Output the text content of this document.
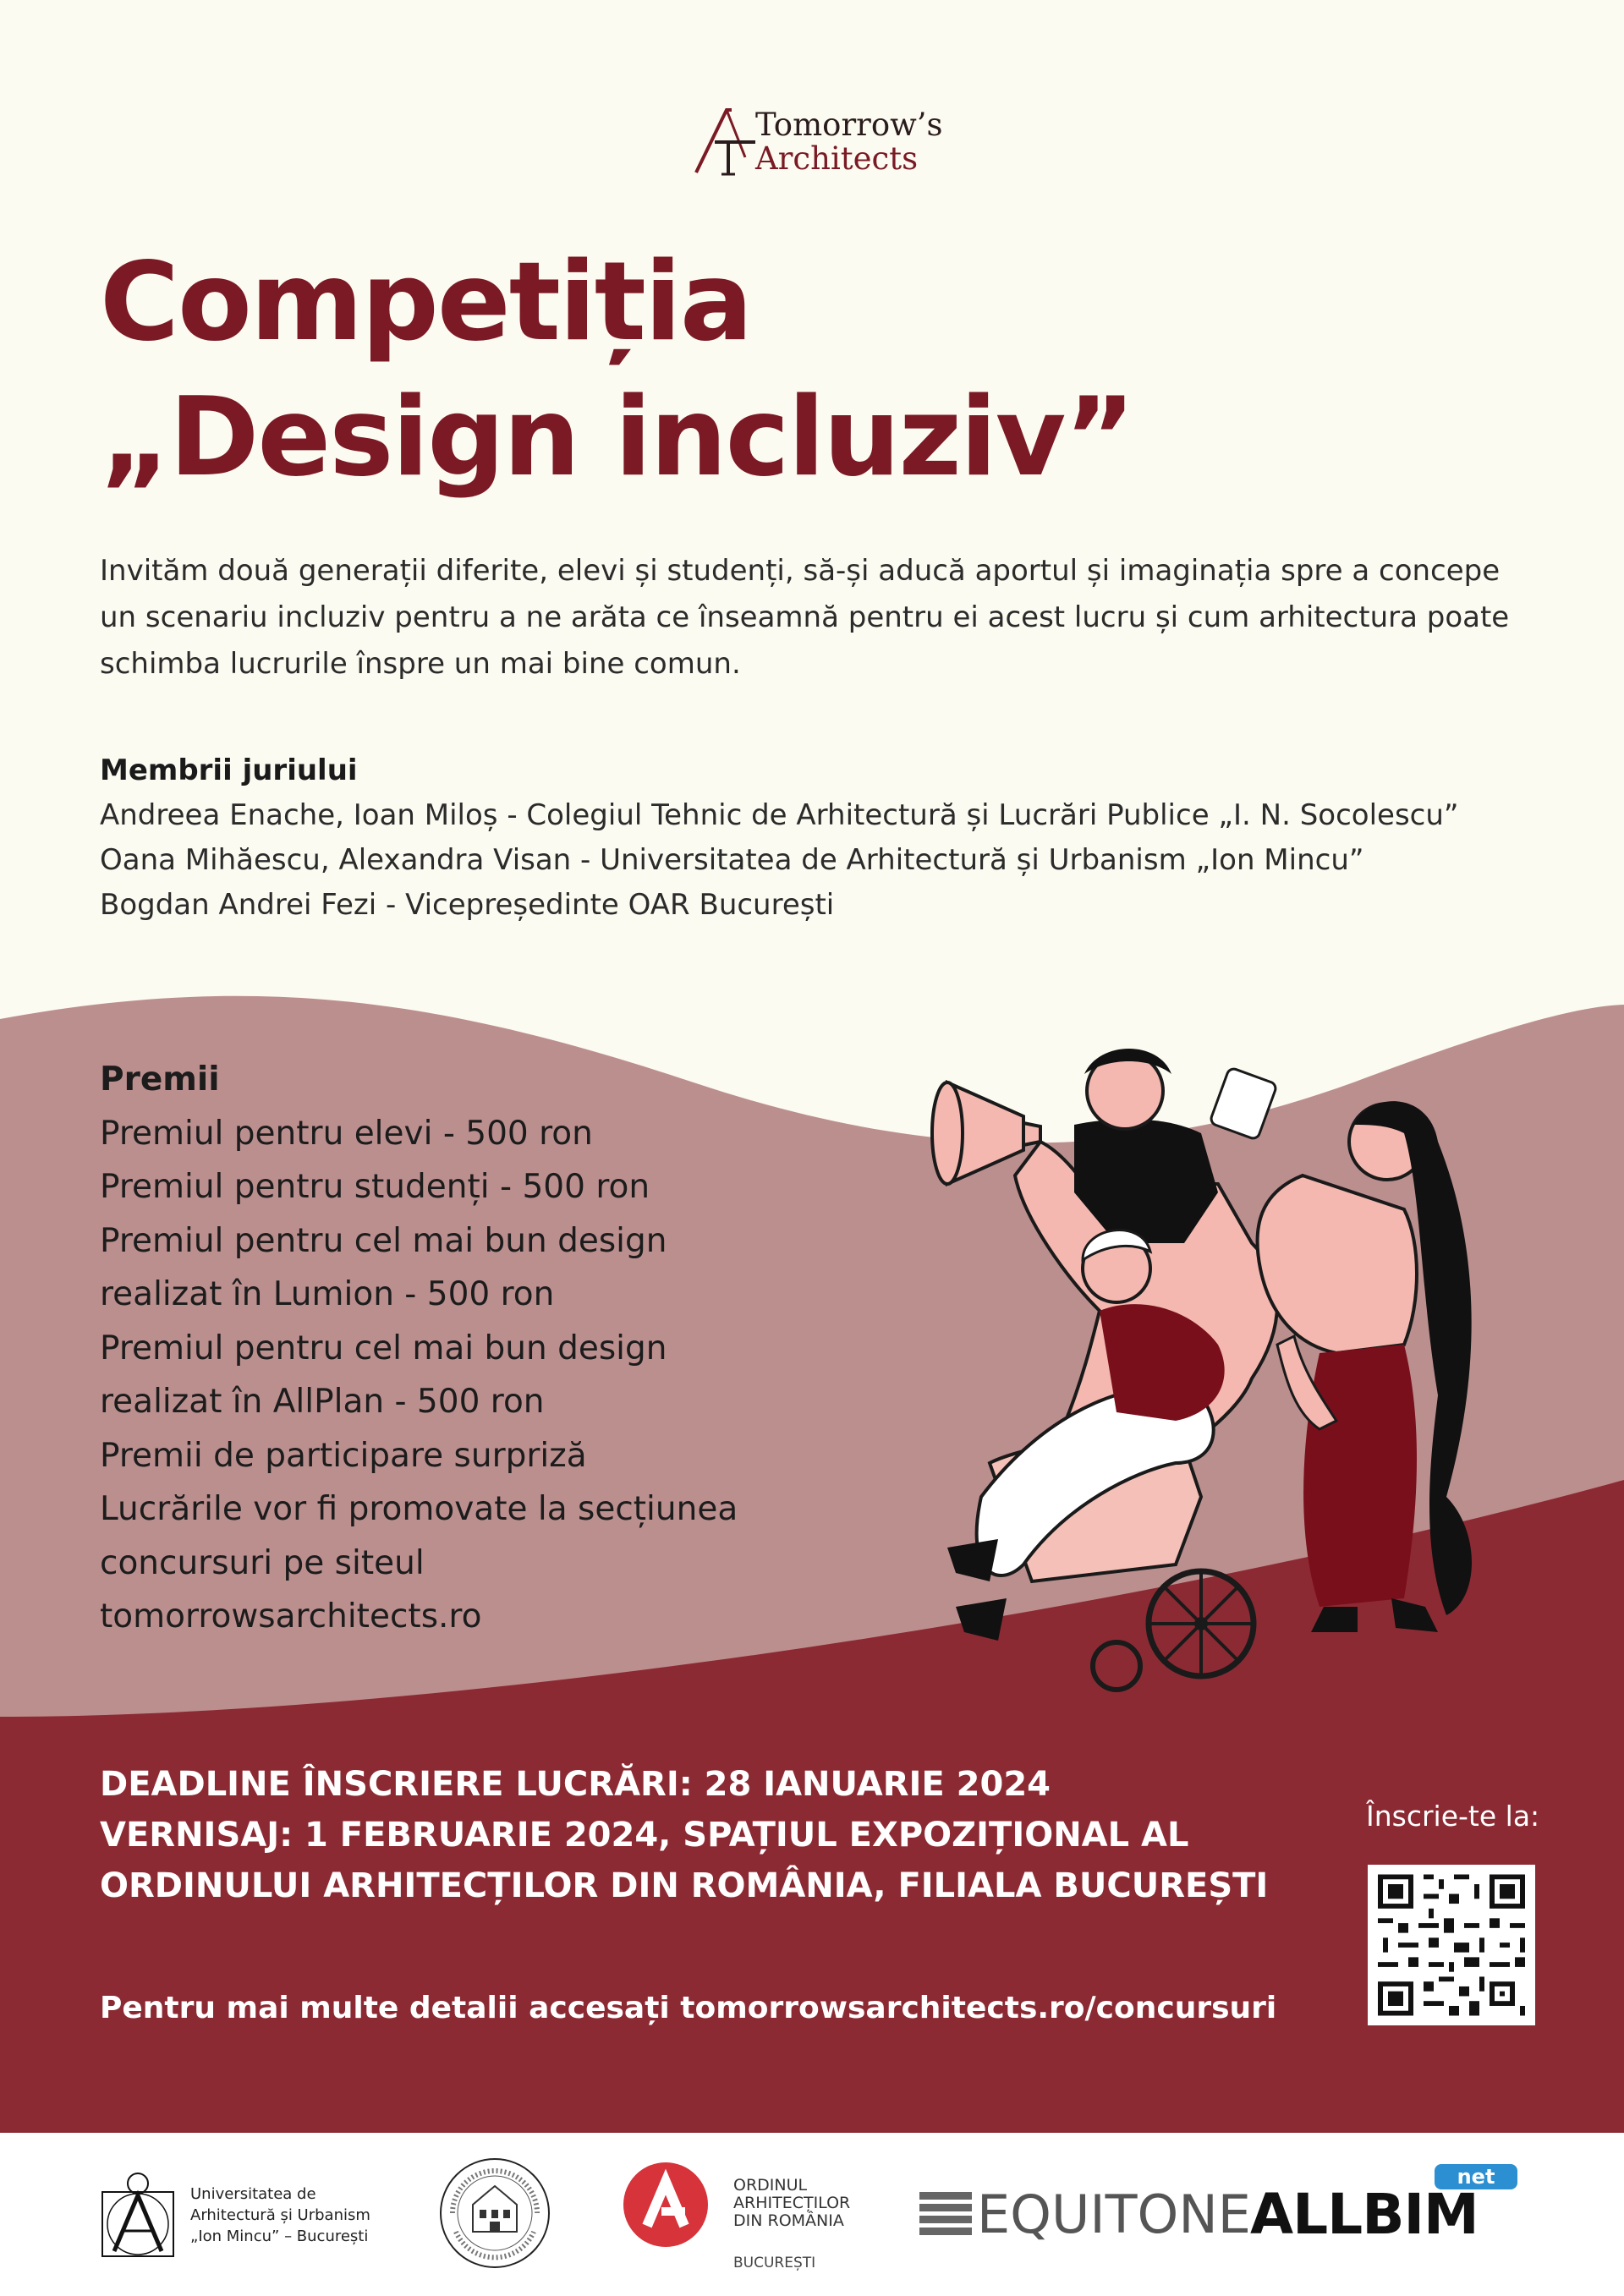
Tomorrow’s
Architects
Competiția
„Design incluziv”
Invităm două generații diferite, elevi și studenți, să-și aducă aportul și imaginația spre a concepe un scenariu incluziv pentru a ne arăta ce înseamnă pentru ei acest lucru și cum arhitectura poate schimba lucrurile înspre un mai bine comun.
Membrii juriului
Andreea Enache, Ioan Miloș - Colegiul Tehnic de Arhitectură și Lucrări Publice „I. N. Socolescu”
Oana Mihăescu, Alexandra Visan - Universitatea de Arhitectură și Urbanism „Ion Mincu”
Bogdan Andrei Fezi - Vicepreședinte OAR București
Premii
Premiul pentru elevi - 500 ron
Premiul pentru studenți - 500 ron
Premiul pentru cel mai bun design
realizat în Lumion - 500 ron
Premiul pentru cel mai bun design
realizat în AllPlan - 500 ron
Premii de participare surpriză
Lucrările vor fi promovate la secțiunea
concursuri pe siteul
tomorrowsarchitects.ro
DEADLINE ÎNSCRIERE LUCRĂRI: 28 IANUARIE 2024
VERNISAJ: 1 FEBRUARIE 2024, SPAȚIUL EXPOZIȚIONAL AL
ORDINULUI ARHITECȚILOR DIN ROMÂNIA, FILIALA BUCUREȘTI
Pentru mai multe detalii accesați tomorrowsarchitects.ro/concursuri
Înscrie-te la:
Universitatea de
Arhitectură și Urbanism
„Ion Mincu” – București
ORDINUL
ARHITECȚILOR
DIN ROMÂNIA
BUCUREȘTI
EQUITONE
net
ALLBIM
